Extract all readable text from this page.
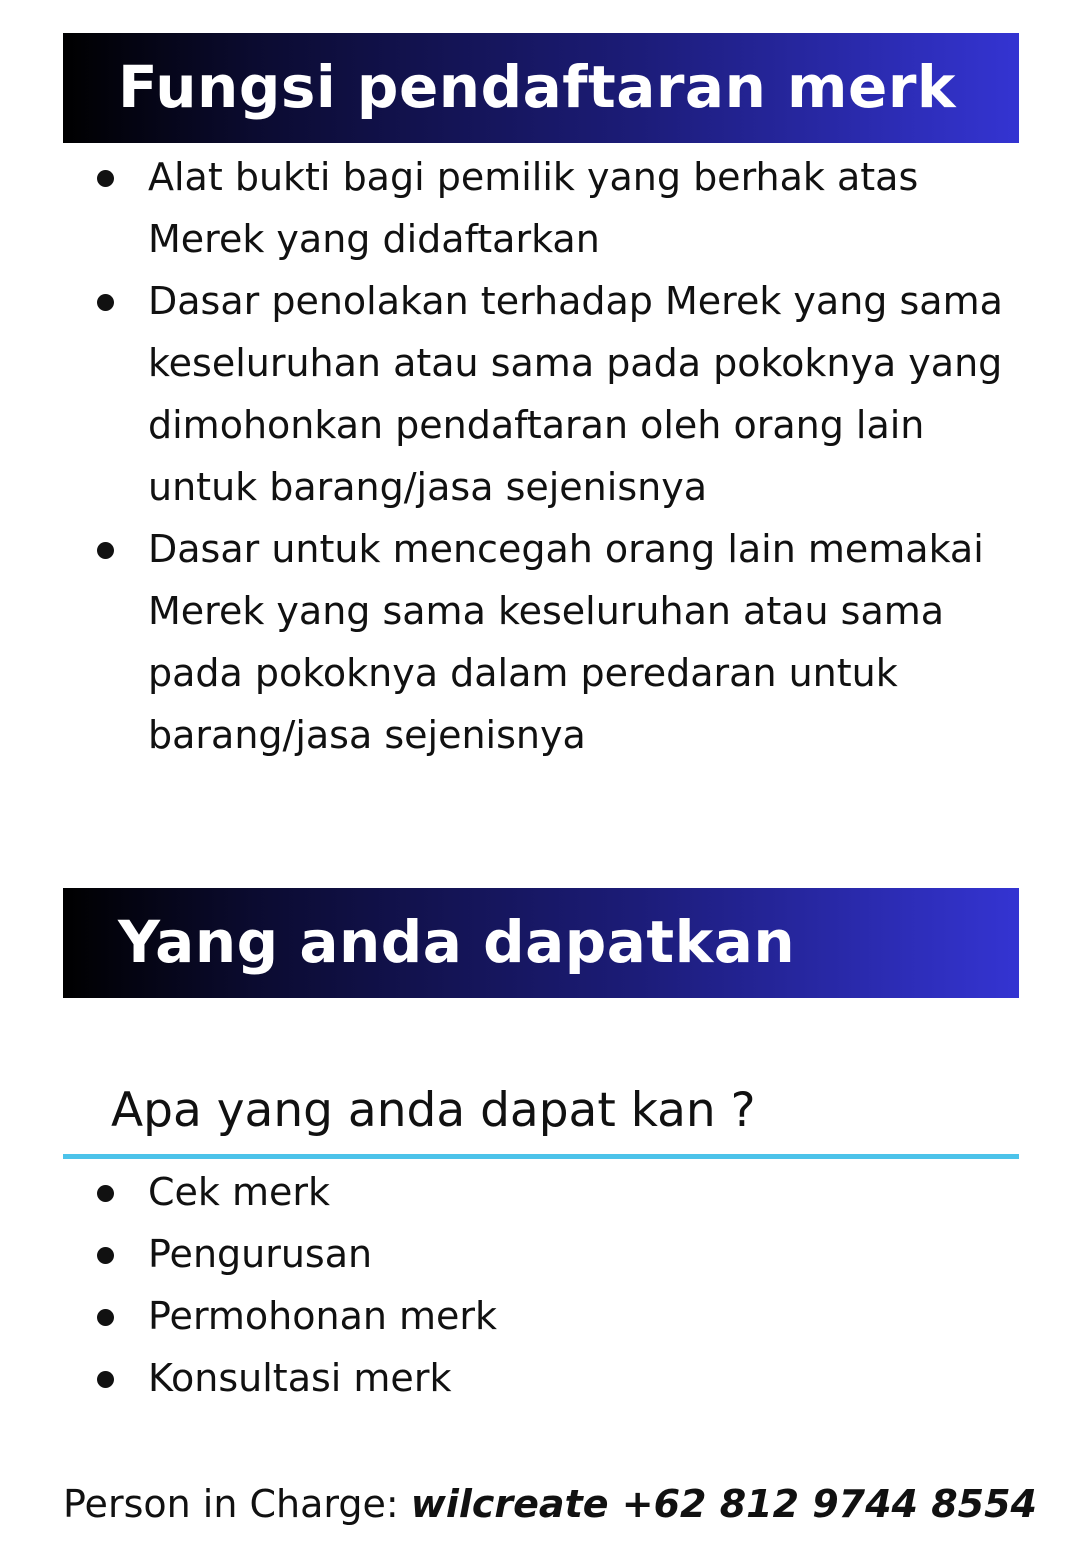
Fungsi pendaftaran merk
Alat bukti bagi pemilik yang berhak atas Merek yang didaftarkan
Dasar penolakan terhadap Merek yang sama keseluruhan atau sama pada pokoknya yang dimohonkan pendaftaran oleh orang lain untuk barang/jasa sejenisnya
Dasar untuk mencegah orang lain memakai Merek yang sama keseluruhan atau sama pada pokoknya dalam peredaran untuk barang/jasa sejenisnya
Yang anda dapatkan
Apa yang anda dapat kan ?
Cek merk
Pengurusan
Permohonan merk
Konsultasi merk
Person in Charge: wilcreate +62 812 9744 8554
